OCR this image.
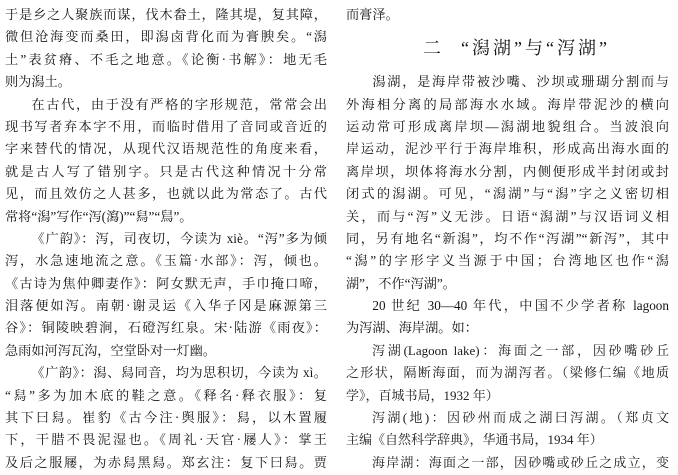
于是乡之人聚族而谋，伐木畚土，隆其堤，复其障，
微但沧海变而桑田，即潟卤背化而为膏腴矣。“潟
土”表贫瘠、不毛之地意。《论衡·书解》：地无毛
则为潟土。
在古代，由于没有严格的字形规范，常常会出
现书写者弃本字不用，而临时借用了音同或音近的
字来替代的情况，从现代汉语规范性的角度来看，
就是古人写了错别字。只是古代这种情况十分常
见，而且效仿之人甚多，也就以此为常态了。古代
常将“潟”写作“泻(瀉)”“舄”“舃”。
《广韵》：泻，司夜切，今读为 xiè。“泻”多为倾
泻，水急速地流之意。《玉篇·水部》：泻，倾也。
《古诗为焦仲卿妻作》：阿女默无声，手巾掩口啼，
泪落便如泻。南朝·谢灵运《入华子冈是麻源第三
谷》：铜陵映碧涧，石磴泻红泉。宋·陆游《雨夜》：
急雨如河泻瓦沟，空堂卧对一灯幽。
《广韵》：潟、舄同音，均为思积切，今读为 xì。
“舄”多为加木底的鞋之意。《释名·释衣服》：复
其下曰舄。崔豹《古今注·舆服》：舄，以木置履
下，干腊不畏泥湿也。《周礼·天官·屦人》：掌王
及后之服屦，为赤舄黑舄。郑玄注：复下曰舄。贾
而膏泽。
二 “潟湖”与“泻湖”
潟湖，是海岸带被沙嘴、沙坝或珊瑚分割而与
外海相分离的局部海水水域。海岸带泥沙的横向
运动常可形成离岸坝—潟湖地貌组合。当波浪向
岸运动，泥沙平行于海岸堆积，形成高出海水面的
离岸坝，坝体将海水分割，内侧便形成半封闭或封
闭式的潟湖。可见，“潟湖”与“潟”字之义密切相
关，而与“泻”义无涉。日语“潟湖”与汉语词义相
同，另有地名“新潟”，均不作“泻湖”“新泻”，其中
“潟”的字形字义当源于中国；台湾地区也作“潟
湖”，不作“泻湖”。
20 世纪 30—40 年代，中国不少学者称 lagoon
为泻湖、海岸湖。如：
泻湖(Lagoon lake)：海面之一部，因砂嘴砂丘
之形状，隔断海面，而为湖泻者。（梁修仁编《地质
学》，百城书局，1932 年）
泻湖(地)：因砂州而成之湖曰泻湖。（郑贞文
主编《自然科学辞典》，华通书局，1934 年）
海岸湖：海面之一部，因砂嘴或砂丘之成立，变
